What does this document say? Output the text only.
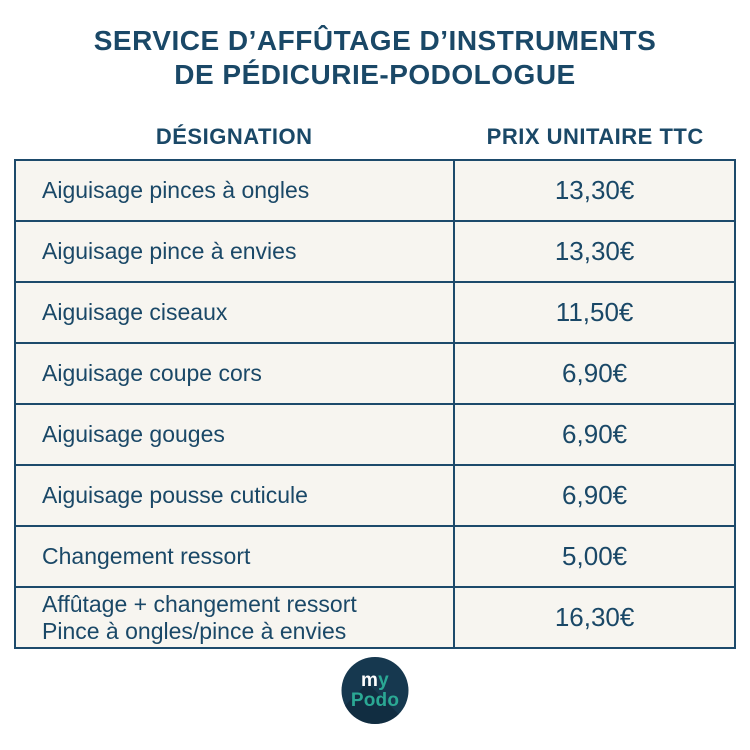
SERVICE D’AFFÛTAGE D’INSTRUMENTS
DE PÉDICURIE-PODOLOGUE
DÉSIGNATION	PRIX UNITAIRE TTC
Aiguisage pinces à ongles	13,30€
Aiguisage pince à envies	13,30€
Aiguisage ciseaux	11,50€
Aiguisage coupe cors	6,90€
Aiguisage gouges	6,90€
Aiguisage pousse cuticule	6,90€
Changement ressort	5,00€
Affûtage + changement ressort
Pince à ongles/pince à envies	16,30€
my
Podo
